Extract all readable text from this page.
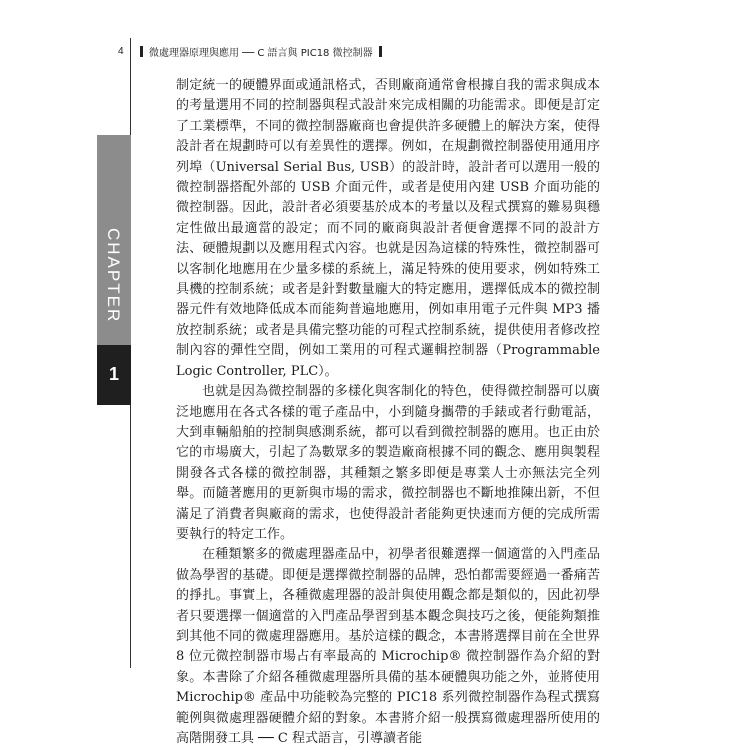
4	微處理器原理與應用 ── C 語言與 PIC18 微控制器
CHAPTER
1

制定統一的硬體界面或通訊格式，否則廠商通常會根據自我的需求與成本的考量選用不同的控制器與程式設計來完成相關的功能需求。即便是訂定了工業標準，不同的微控制器廠商也會提供許多硬體上的解決方案，使得設計者在規劃時可以有差異性的選擇。例如，在規劃微控制器使用通用序列埠（Universal Serial Bus, USB）的設計時，設計者可以選用一般的微控制器搭配外部的 USB 介面元件，或者是使用內建 USB 介面功能的微控制器。因此，設計者必須要基於成本的考量以及程式撰寫的難易與穩定性做出最適當的設定；而不同的廠商與設計者便會選擇不同的設計方法、硬體規劃以及應用程式內容。也就是因為這樣的特殊性，微控制器可以客制化地應用在少量多樣的系統上，滿足特殊的使用要求，例如特殊工具機的控制系統；或者是針對數量龐大的特定應用，選擇低成本的微控制器元件有效地降低成本而能夠普遍地應用，例如車用電子元件與 MP3 播放控制系統；或者是具備完整功能的可程式控制系統，提供使用者修改控制內容的彈性空間，例如工業用的可程式邏輯控制器（Programmable Logic Controller, PLC）。

也就是因為微控制器的多樣化與客制化的特色，使得微控制器可以廣泛地應用在各式各樣的電子產品中，小到隨身攜帶的手錶或者行動電話，大到車輛船舶的控制與感測系統，都可以看到微控制器的應用。也正由於它的市場廣大，引起了為數眾多的製造廠商根據不同的觀念、應用與製程開發各式各樣的微控制器，其種類之繁多即便是專業人士亦無法完全列舉。而隨著應用的更新與市場的需求，微控制器也不斷地推陳出新，不但滿足了消費者與廠商的需求，也使得設計者能夠更快速而方便的完成所需要執行的特定工作。

在種類繁多的微處理器產品中，初學者很難選擇一個適當的入門產品做為學習的基礎。即便是選擇微控制器的品牌，恐怕都需要經過一番痛苦的掙扎。事實上，各種微處理器的設計與使用觀念都是類似的，因此初學者只要選擇一個適當的入門產品學習到基本觀念與技巧之後，便能夠類推到其他不同的微處理器應用。基於這樣的觀念，本書將選擇目前在全世界 8 位元微控制器市場占有率最高的 Microchip® 微控制器作為介紹的對象。本書除了介紹各種微處理器所具備的基本硬體與功能之外，並將使用 Microchip® 產品中功能較為完整的 PIC18 系列微控制器作為程式撰寫範例與微處理器硬體介紹的對象。本書將介紹一般撰寫微處理器所使用的高階開發工具 ── C 程式語言，引導讀者能
